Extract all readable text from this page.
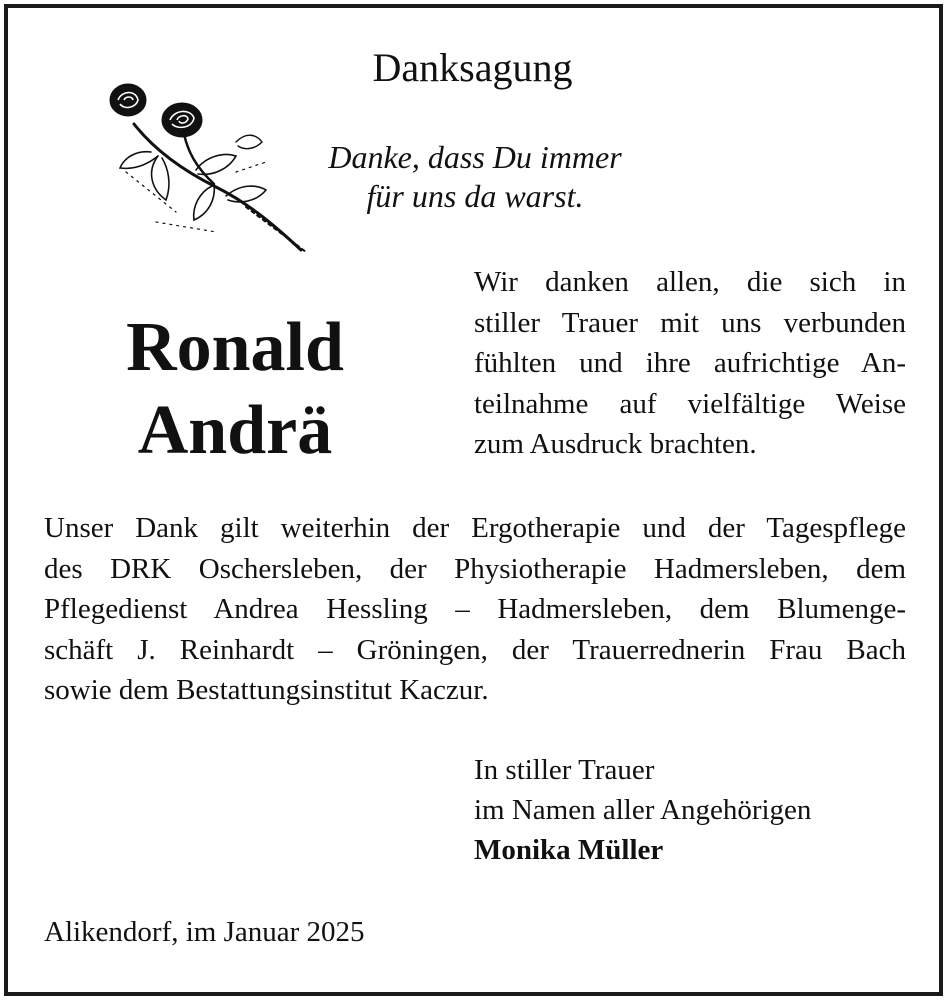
Danksagung
Danke, dass Du immer
für uns da warst.
Ronald
Andrä
Wir danken allen, die sich in
stiller Trauer mit uns verbunden
fühlten und ihre aufrichtige An-
teilnahme auf vielfältige Weise
zum Ausdruck brachten.
Unser Dank gilt weiterhin der Ergotherapie und der Tagespflege
des DRK Oschersleben, der Physiotherapie Hadmersleben, dem
Pflegedienst Andrea Hessling – Hadmersleben, dem Blumenge-
schäft J. Reinhardt – Gröningen, der Trauerrednerin Frau Bach
sowie dem Bestattungsinstitut Kaczur.
In stiller Trauer
im Namen aller Angehörigen
Monika Müller
Alikendorf, im Januar 2025
